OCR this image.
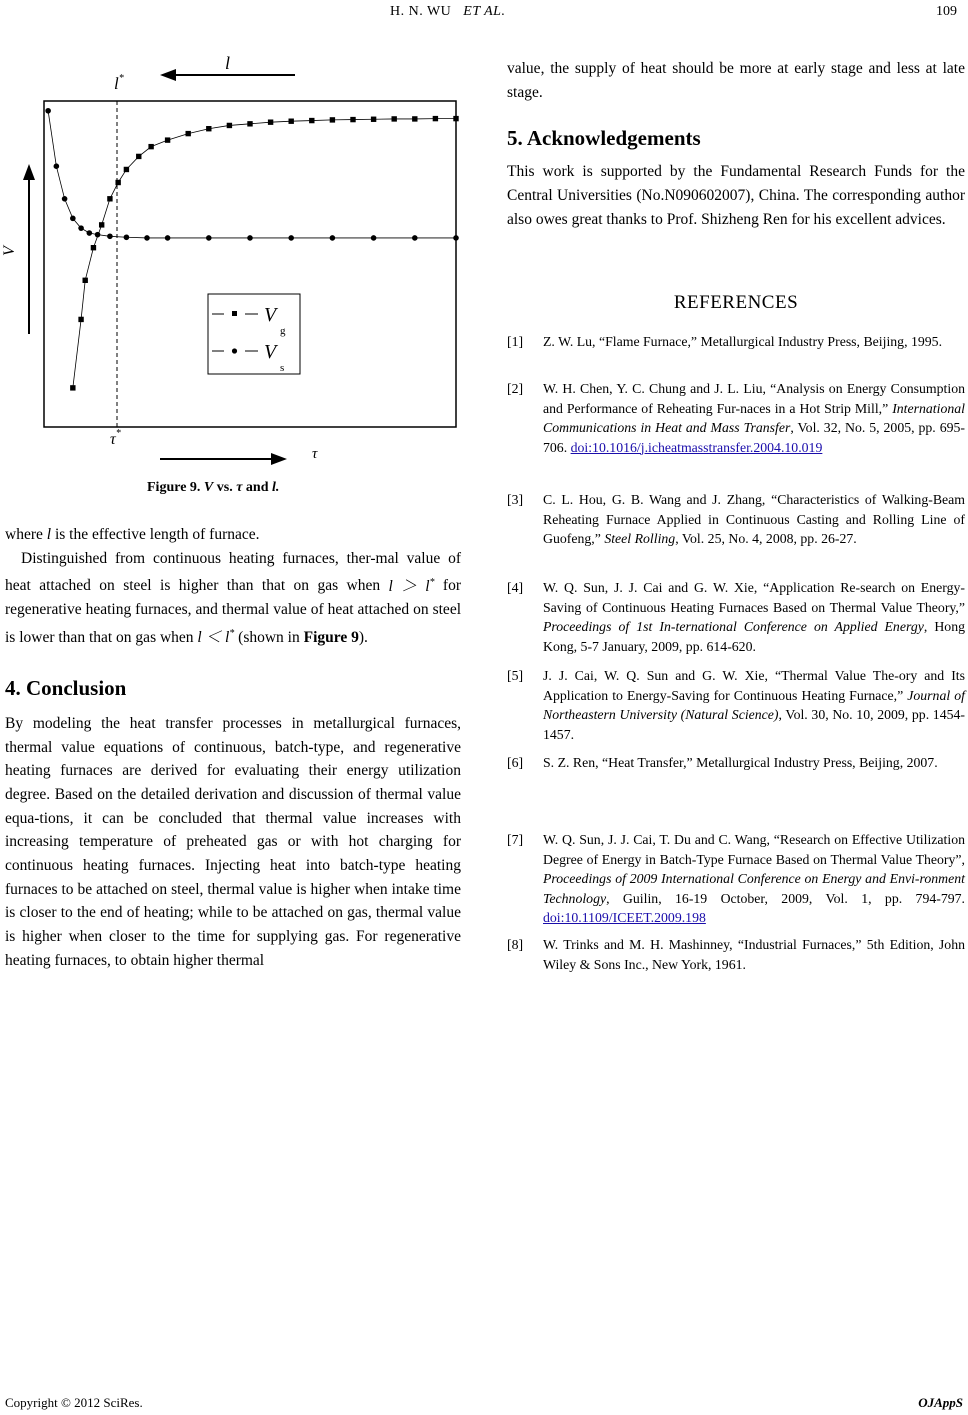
H. N. WU ET AL.	109
l
l*
V
V
g
V
s
τ*
τ
Figure 9. V vs. τ and l.

where l is the effective length of furnace.

Distinguished from continuous heating furnaces, ther-mal value of heat attached on steel is higher than that on gas when l ＞ l* for regenerative heating furnaces, and thermal value of heat attached on steel is lower than that on gas when l ＜ l* (shown in Figure 9).

4. Conclusion

By modeling the heat transfer processes in metallurgical furnaces, thermal value equations of continuous, batch-type, and regenerative heating furnaces are derived for evaluating their energy utilization degree. Based on the detailed derivation and discussion of thermal value equa-tions, it can be concluded that thermal value increases with increasing temperature of preheated gas or with hot charging for continuous heating furnaces. Injecting heat into batch-type heating furnaces to be attached on steel, thermal value is higher when intake time is closer to the end of heating; while to be attached on gas, thermal value is higher when closer to the time for supplying gas. For regenerative heating furnaces, to obtain higher thermal

value, the supply of heat should be more at early stage and less at late stage.

5. Acknowledgements

This work is supported by the Fundamental Research Funds for the Central Universities (No.N090602007), China. The corresponding author also owes great thanks to Prof. Shizheng Ren for his excellent advices.

REFERENCES
[1] Z. W. Lu, “Flame Furnace,” Metallurgical Industry Press, Beijing, 1995.
[2] W. H. Chen, Y. C. Chung and J. L. Liu, “Analysis on Energy Consumption and Performance of Reheating Fur-naces in a Hot Strip Mill,” International Communications in Heat and Mass Transfer, Vol. 32, No. 5, 2005, pp. 695-706. doi:10.1016/j.icheatmasstransfer.2004.10.019
[3] C. L. Hou, G. B. Wang and J. Zhang, “Characteristics of Walking-Beam Reheating Furnace Applied in Continuous Casting and Rolling Line of Guofeng,” Steel Rolling, Vol. 25, No. 4, 2008, pp. 26-27.
[4] W. Q. Sun, J. J. Cai and G. W. Xie, “Application Re-search on Energy-Saving of Continuous Heating Furnaces Based on Thermal Value Theory,” Proceedings of 1st In-ternational Conference on Applied Energy, Hong Kong, 5-7 January, 2009, pp. 614-620.
[5] J. J. Cai, W. Q. Sun and G. W. Xie, “Thermal Value The-ory and Its Application to Energy-Saving for Continuous Heating Furnace,” Journal of Northeastern University (Natural Science), Vol. 30, No. 10, 2009, pp. 1454-1457.
[6] S. Z. Ren, “Heat Transfer,” Metallurgical Industry Press, Beijing, 2007.
[7] W. Q. Sun, J. J. Cai, T. Du and C. Wang, “Research on Effective Utilization Degree of Energy in Batch-Type Furnace Based on Thermal Value Theory”, Proceedings of 2009 International Conference on Energy and Envi-ronment Technology, Guilin, 16-19 October, 2009, Vol. 1, pp. 794-797. doi:10.1109/ICEET.2009.198
[8] W. Trinks and M. H. Mashinney, “Industrial Furnaces,” 5th Edition, John Wiley & Sons Inc., New York, 1961.
Copyright © 2012 SciRes.	OJAppS
